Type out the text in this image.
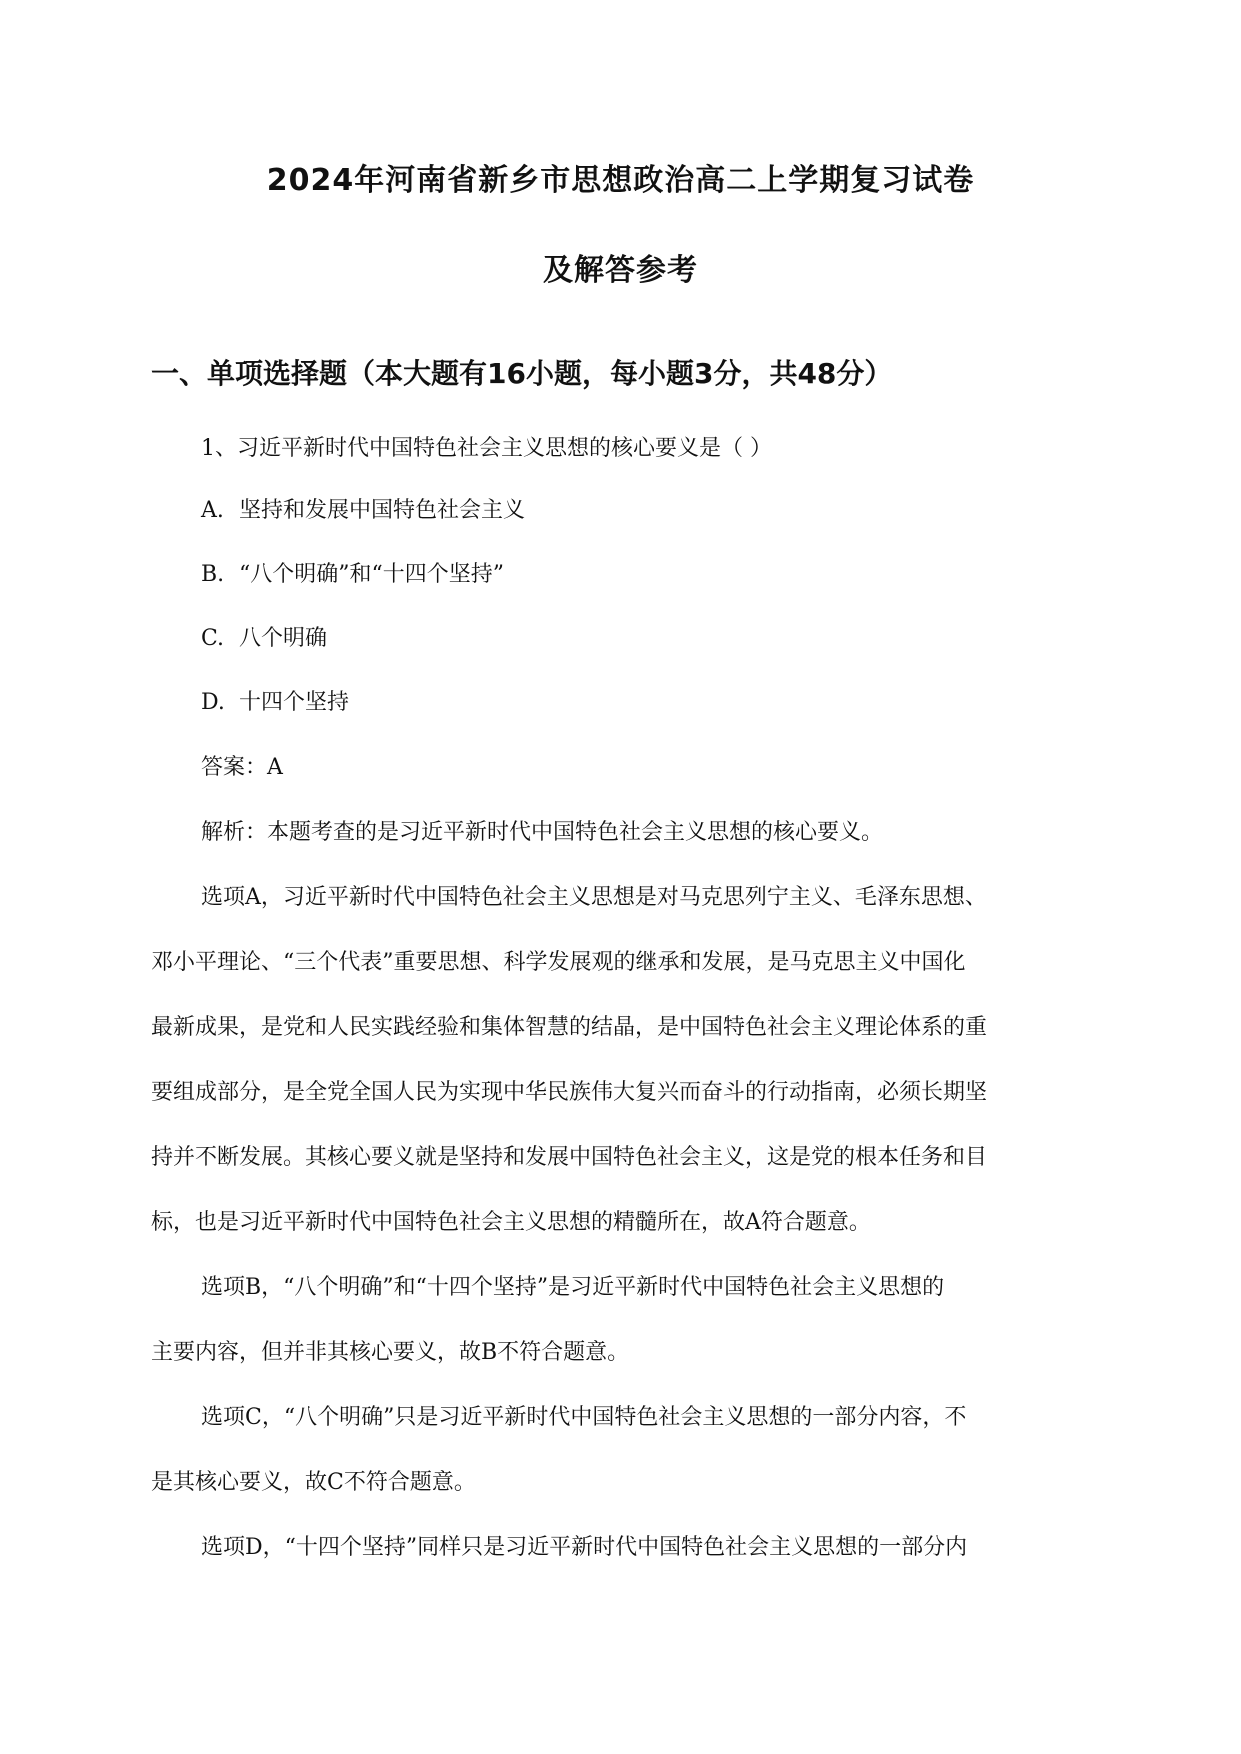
2024年河南省新乡市思想政治高二上学期复习试卷
及解答参考
一、单项选择题（本大题有16小题，每小题3分，共48分）
1、习近平新时代中国特色社会主义思想的核心要义是（ ）
A. 坚持和发展中国特色社会主义
B. “八个明确”和“十四个坚持”
C. 八个明确
D. 十四个坚持
答案：A
解析：本题考查的是习近平新时代中国特色社会主义思想的核心要义。
选项A，习近平新时代中国特色社会主义思想是对马克思列宁主义、毛泽东思想、
邓小平理论、“三个代表”重要思想、科学发展观的继承和发展，是马克思主义中国化
最新成果，是党和人民实践经验和集体智慧的结晶，是中国特色社会主义理论体系的重
要组成部分，是全党全国人民为实现中华民族伟大复兴而奋斗的行动指南，必须长期坚
持并不断发展。其核心要义就是坚持和发展中国特色社会主义，这是党的根本任务和目
标，也是习近平新时代中国特色社会主义思想的精髓所在，故A符合题意。
选项B，“八个明确”和“十四个坚持”是习近平新时代中国特色社会主义思想的
主要内容，但并非其核心要义，故B不符合题意。
选项C，“八个明确”只是习近平新时代中国特色社会主义思想的一部分内容，不
是其核心要义，故C不符合题意。
选项D，“十四个坚持”同样只是习近平新时代中国特色社会主义思想的一部分内
